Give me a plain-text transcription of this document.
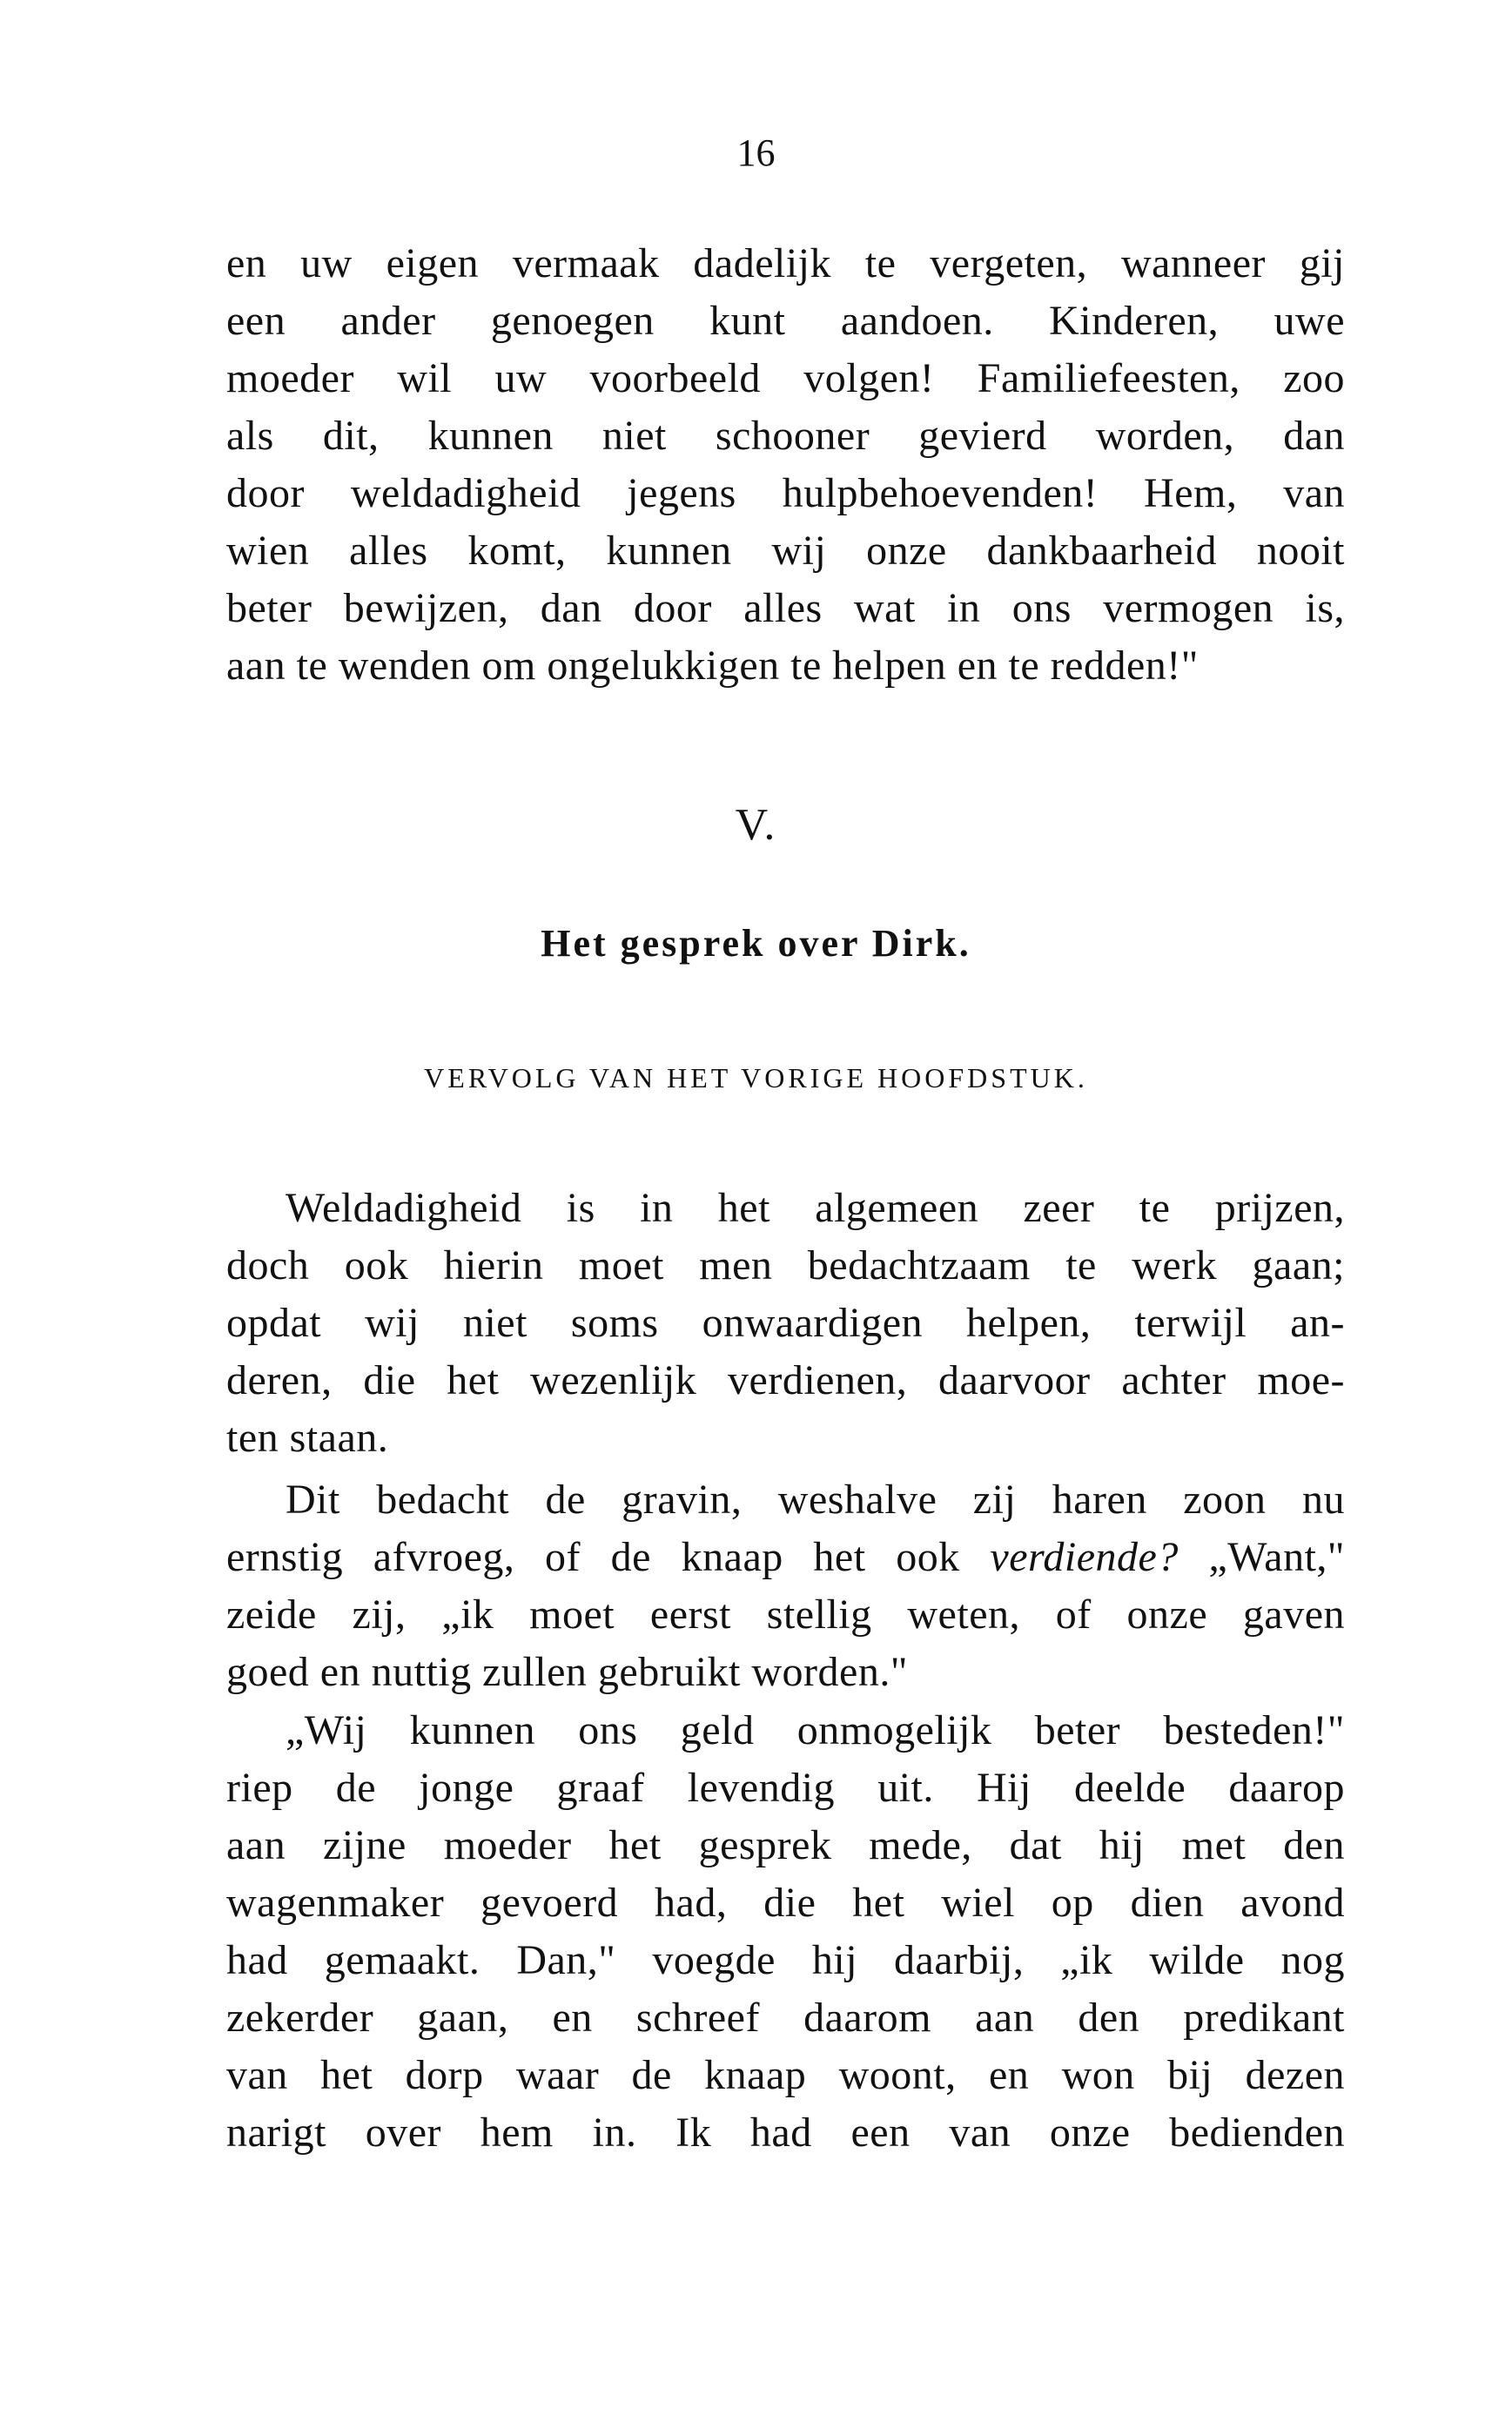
16
en uw eigen vermaak dadelijk te vergeten, wanneer gij
een ander genoegen kunt aandoen. Kinderen, uwe
moeder wil uw voorbeeld volgen! Familiefeesten, zoo
als dit, kunnen niet schooner gevierd worden, dan
door weldadigheid jegens hulpbehoevenden! Hem, van
wien alles komt, kunnen wij onze dankbaarheid nooit
beter bewijzen, dan door alles wat in ons vermogen is,
aan te wenden om ongelukkigen te helpen en te redden!"
V.
Het gesprek over Dirk.
VERVOLG VAN HET VORIGE HOOFDSTUK.
Weldadigheid is in het algemeen zeer te prijzen,
doch ook hierin moet men bedachtzaam te werk gaan;
opdat wij niet soms onwaardigen helpen, terwijl an-
deren, die het wezenlijk verdienen, daarvoor achter moe-
ten staan.
Dit bedacht de gravin, weshalve zij haren zoon nu
ernstig afvroeg, of de knaap het ook verdiende? „Want,"
zeide zij, „ik moet eerst stellig weten, of onze gaven
goed en nuttig zullen gebruikt worden."
„Wij kunnen ons geld onmogelijk beter besteden!"
riep de jonge graaf levendig uit. Hij deelde daarop
aan zijne moeder het gesprek mede, dat hij met den
wagenmaker gevoerd had, die het wiel op dien avond
had gemaakt. Dan," voegde hij daarbij, „ik wilde nog
zekerder gaan, en schreef daarom aan den predikant
van het dorp waar de knaap woont, en won bij dezen
narigt over hem in. Ik had een van onze bedienden
